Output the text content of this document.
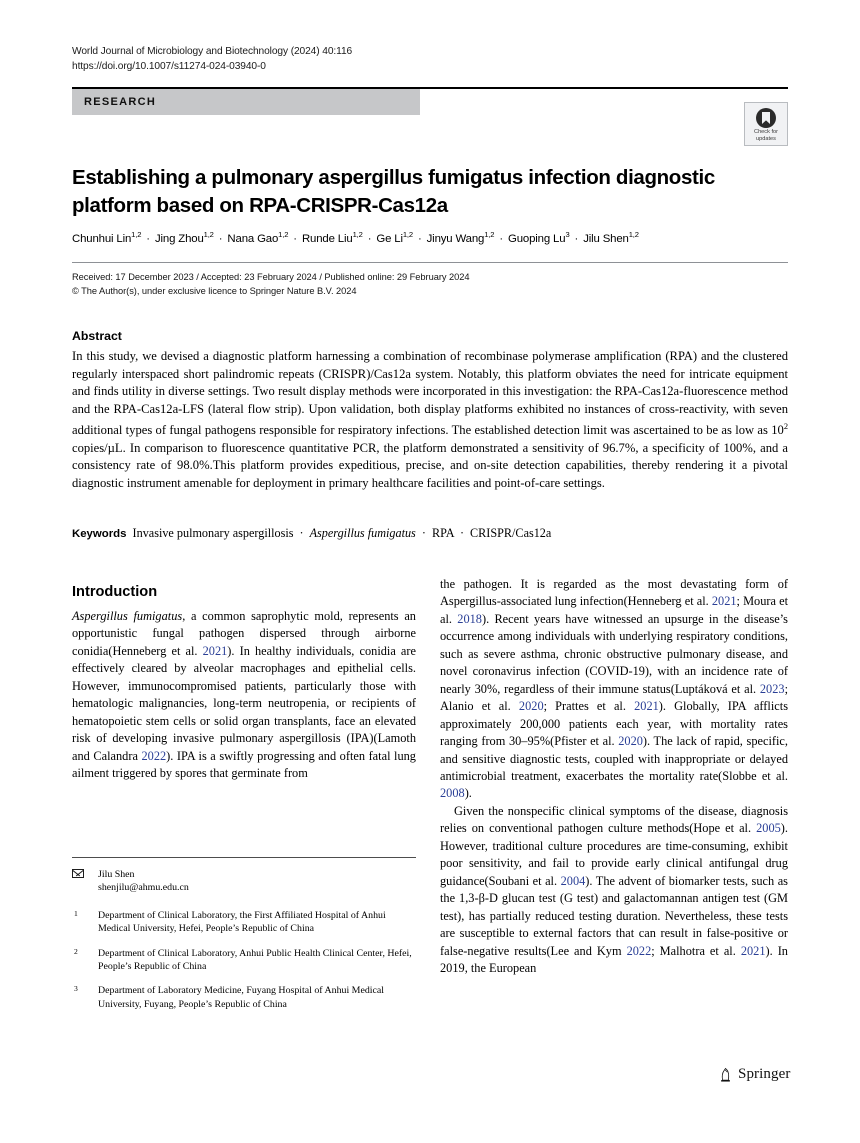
World Journal of Microbiology and Biotechnology (2024) 40:116
https://doi.org/10.1007/s11274-024-03940-0
RESEARCH
Check for
updates
Establishing a pulmonary aspergillus fumigatus infection diagnostic platform based on RPA-CRISPR-Cas12a
Chunhui Lin$^{1,2}$ · Jing Zhou$^{1,2}$ · Nana Gao$^{1,2}$ · Runde Liu$^{1,2}$ · Ge Li$^{1,2}$ · Jinyu Wang$^{1,2}$ · Guoping $Lu^3$ · Jilu Shen$^{1,2}$
Received: 17 December 2023 / Accepted: 23 February 2024 / Published online: 29 February 2024
© The Author(s), under exclusive licence to Springer Nature B.V. 2024
Abstract
In this study, we devised a diagnostic platform harnessing a combination of recombinase polymerase amplification (RPA) and the clustered regularly interspaced short palindromic repeats (CRISPR)/Cas12a system. Notably, this platform obviates the need for intricate equipment and finds utility in diverse settings. Two result display methods were incorporated in this investigation: the RPA-Cas12a-fluorescence method and the RPA-Cas12a-LFS (lateral flow strip). Upon validation, both display platforms exhibited no instances of cross-reactivity, with seven additional types of fungal pathogens responsible for respiratory infections. The established detection limit was ascertained to be as low as $10^2$ copies/µL. In comparison to fluorescence quantitative PCR, the platform demonstrated a sensitivity of 96.7%, a specificity of 100%, and a consistency rate of 98.0%.This platform provides expeditious, precise, and on-site detection capabilities, thereby rendering it a pivotal diagnostic instrument amenable for deployment in primary healthcare facilities and point-of-care settings.
Keywords  Invasive pulmonary aspergillosis · Aspergillus fumigatus · RPA · CRISPR/Cas12a
Introduction

Aspergillus fumigatus, a common saprophytic mold, represents an opportunistic fungal pathogen dispersed through airborne conidia(Henneberg et al. 2021). In healthy individuals, conidia are effectively cleared by alveolar macrophages and epithelial cells. However, immunocompromised patients, particularly those with hematologic malignancies, long-term neutropenia, or recipients of hematopoietic stem cells or solid organ transplants, face an elevated risk of developing invasive pulmonary aspergillosis (IPA)(Lamoth and Calandra 2022). IPA is a swiftly progressing and often fatal lung ailment triggered by spores that germinate from

the pathogen. It is regarded as the most devastating form of Aspergillus-associated lung infection(Henneberg et al. 2021; Moura et al. 2018). Recent years have witnessed an upsurge in the disease’s occurrence among individuals with underlying respiratory conditions, such as severe asthma, chronic obstructive pulmonary disease, and novel coronavirus infection (COVID-19), with an incidence rate of nearly 30%, regardless of their immune status(Luptáková et al. 2023; Alanio et al. 2020; Prattes et al. 2021). Globally, IPA afflicts approximately 200,000 patients each year, with mortality rates ranging from 30–95%(Pfister et al. 2020). The lack of rapid, specific, and sensitive diagnostic tests, coupled with inappropriate or delayed antimicrobial treatment, exacerbates the mortality rate(Slobbe et al. 2008).

Given the nonspecific clinical symptoms of the disease, diagnosis relies on conventional pathogen culture methods(Hope et al. 2005). However, traditional culture procedures are time-consuming, exhibit poor sensitivity, and fail to provide early clinical antifungal drug guidance(Soubani et al. 2004). The advent of biomarker tests, such as the 1,3-β-D glucan test (G test) and galactomannan antigen test (GM test), has partially reduced testing duration. Nevertheless, these tests are susceptible to external factors that can result in false-positive or false-negative results(Lee and Kym 2022; Malhotra et al. 2021). In 2019, the European

Jilu Shen
shenjilu@ahmu.edu.cn
1 Department of Clinical Laboratory, the First Affiliated Hospital of Anhui Medical University, Hefei, People’s Republic of China
2 Department of Clinical Laboratory, Anhui Public Health Clinical Center, Hefei, People’s Republic of China
3 Department of Laboratory Medicine, Fuyang Hospital of Anhui Medical University, Fuyang, People’s Republic of China
Springer
